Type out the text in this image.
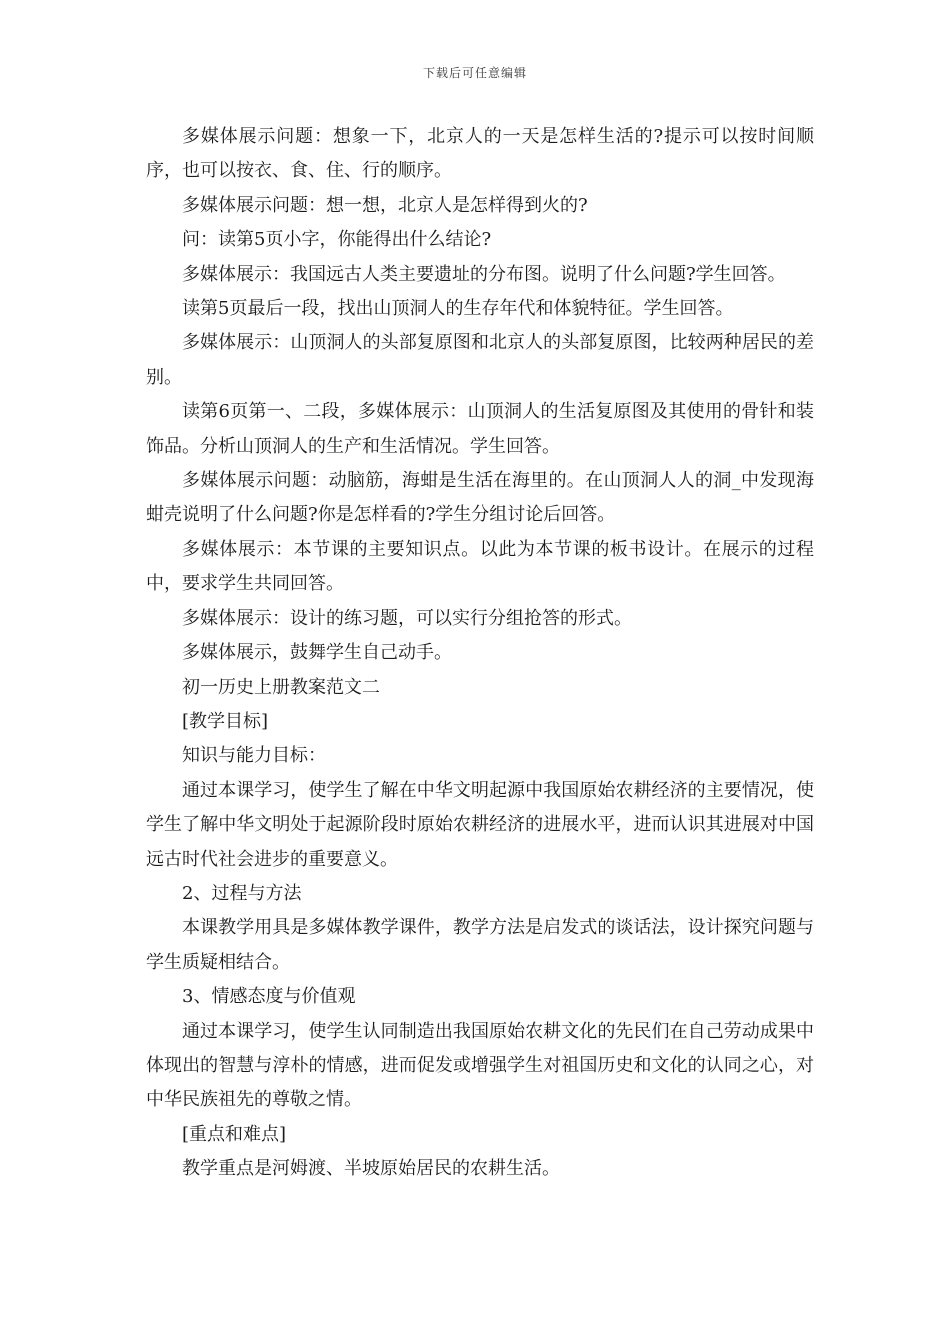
下载后可任意编辑

多媒体展示问题：想象一下，北京人的一天是怎样生活的?提示可以按时间顺序，也可以按衣、食、住、行的顺序。

多媒体展示问题：想一想，北京人是怎样得到火的?

问：读第5页小字，你能得出什么结论?

多媒体展示：我国远古人类主要遗址的分布图。说明了什么问题?学生回答。

读第5页最后一段，找出山顶洞人的生存年代和体貌特征。学生回答。

多媒体展示：山顶洞人的头部复原图和北京人的头部复原图，比较两种居民的差别。

读第6页第一、二段，多媒体展示：山顶洞人的生活复原图及其使用的骨针和装饰品。分析山顶洞人的生产和生活情况。学生回答。

多媒体展示问题：动脑筋，海蚶是生活在海里的。在山顶洞人人的洞_中发现海蚶壳说明了什么问题?你是怎样看的?学生分组讨论后回答。

多媒体展示：本节课的主要知识点。以此为本节课的板书设计。在展示的过程中，要求学生共同回答。

多媒体展示：设计的练习题，可以实行分组抢答的形式。

多媒体展示，鼓舞学生自己动手。

初一历史上册教案范文二

[教学目标]

知识与能力目标：

通过本课学习，使学生了解在中华文明起源中我国原始农耕经济的主要情况，使学生了解中华文明处于起源阶段时原始农耕经济的进展水平，进而认识其进展对中国远古时代社会进步的重要意义。

2、过程与方法

本课教学用具是多媒体教学课件，教学方法是启发式的谈话法，设计探究问题与学生质疑相结合。

3、情感态度与价值观

通过本课学习，使学生认同制造出我国原始农耕文化的先民们在自己劳动成果中体现出的智慧与淳朴的情感，进而促发或增强学生对祖国历史和文化的认同之心，对中华民族祖先的尊敬之情。

[重点和难点]

教学重点是河姆渡、半坡原始居民的农耕生活。
